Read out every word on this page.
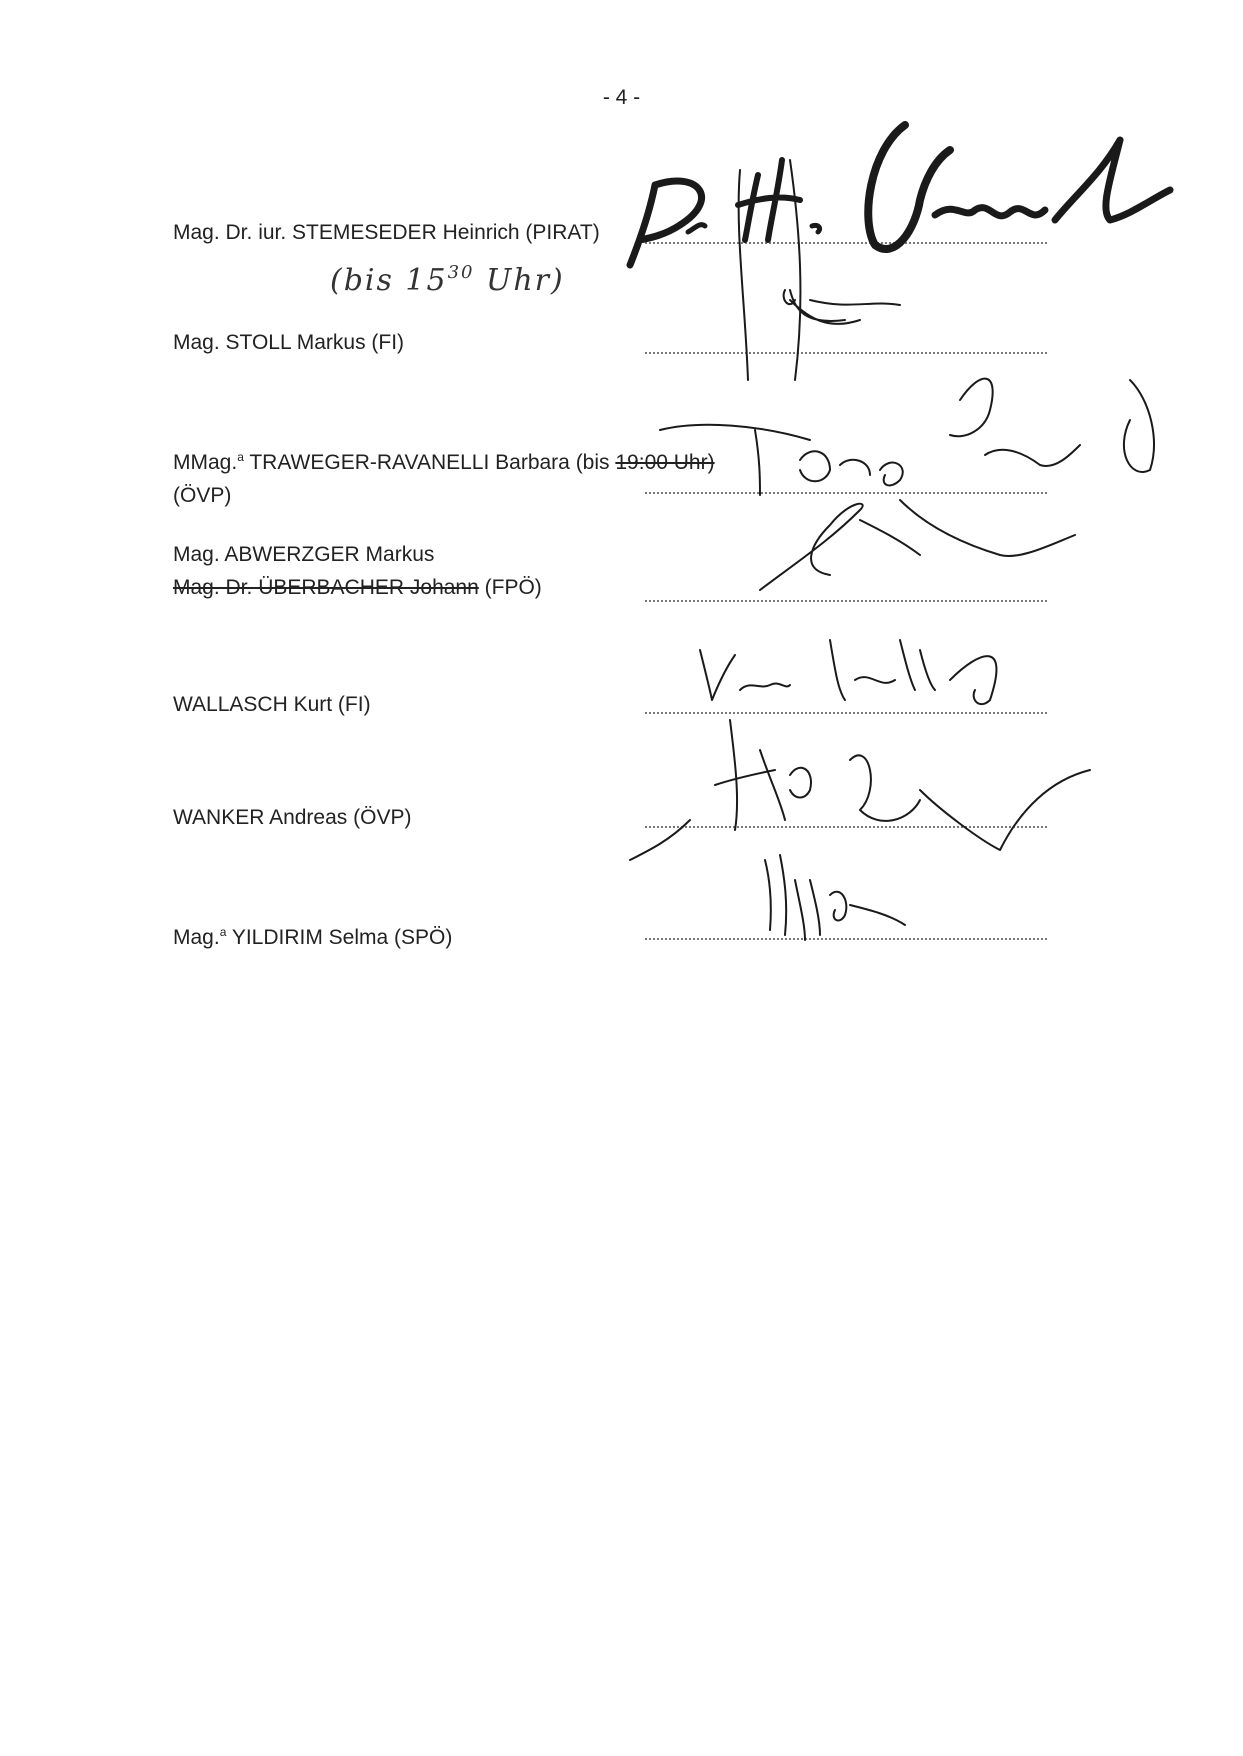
- 4 -
Mag. Dr. iur. STEMESEDER Heinrich (PIRAT)
(bis $15^{30}$ Uhr)
Mag. STOLL Markus (FI)
MMag.$^a$ TRAWEGER-RAVANELLI Barbara (bis 19:00 Uhr)
(ÖVP)
Mag. ABWERZGER Markus
Mag. Dr. ÜBERBACHER Johann (FPÖ)
WALLASCH Kurt (FI)
WANKER Andreas (ÖVP)
Mag.$^a$ YILDIRIM Selma (SPÖ)
